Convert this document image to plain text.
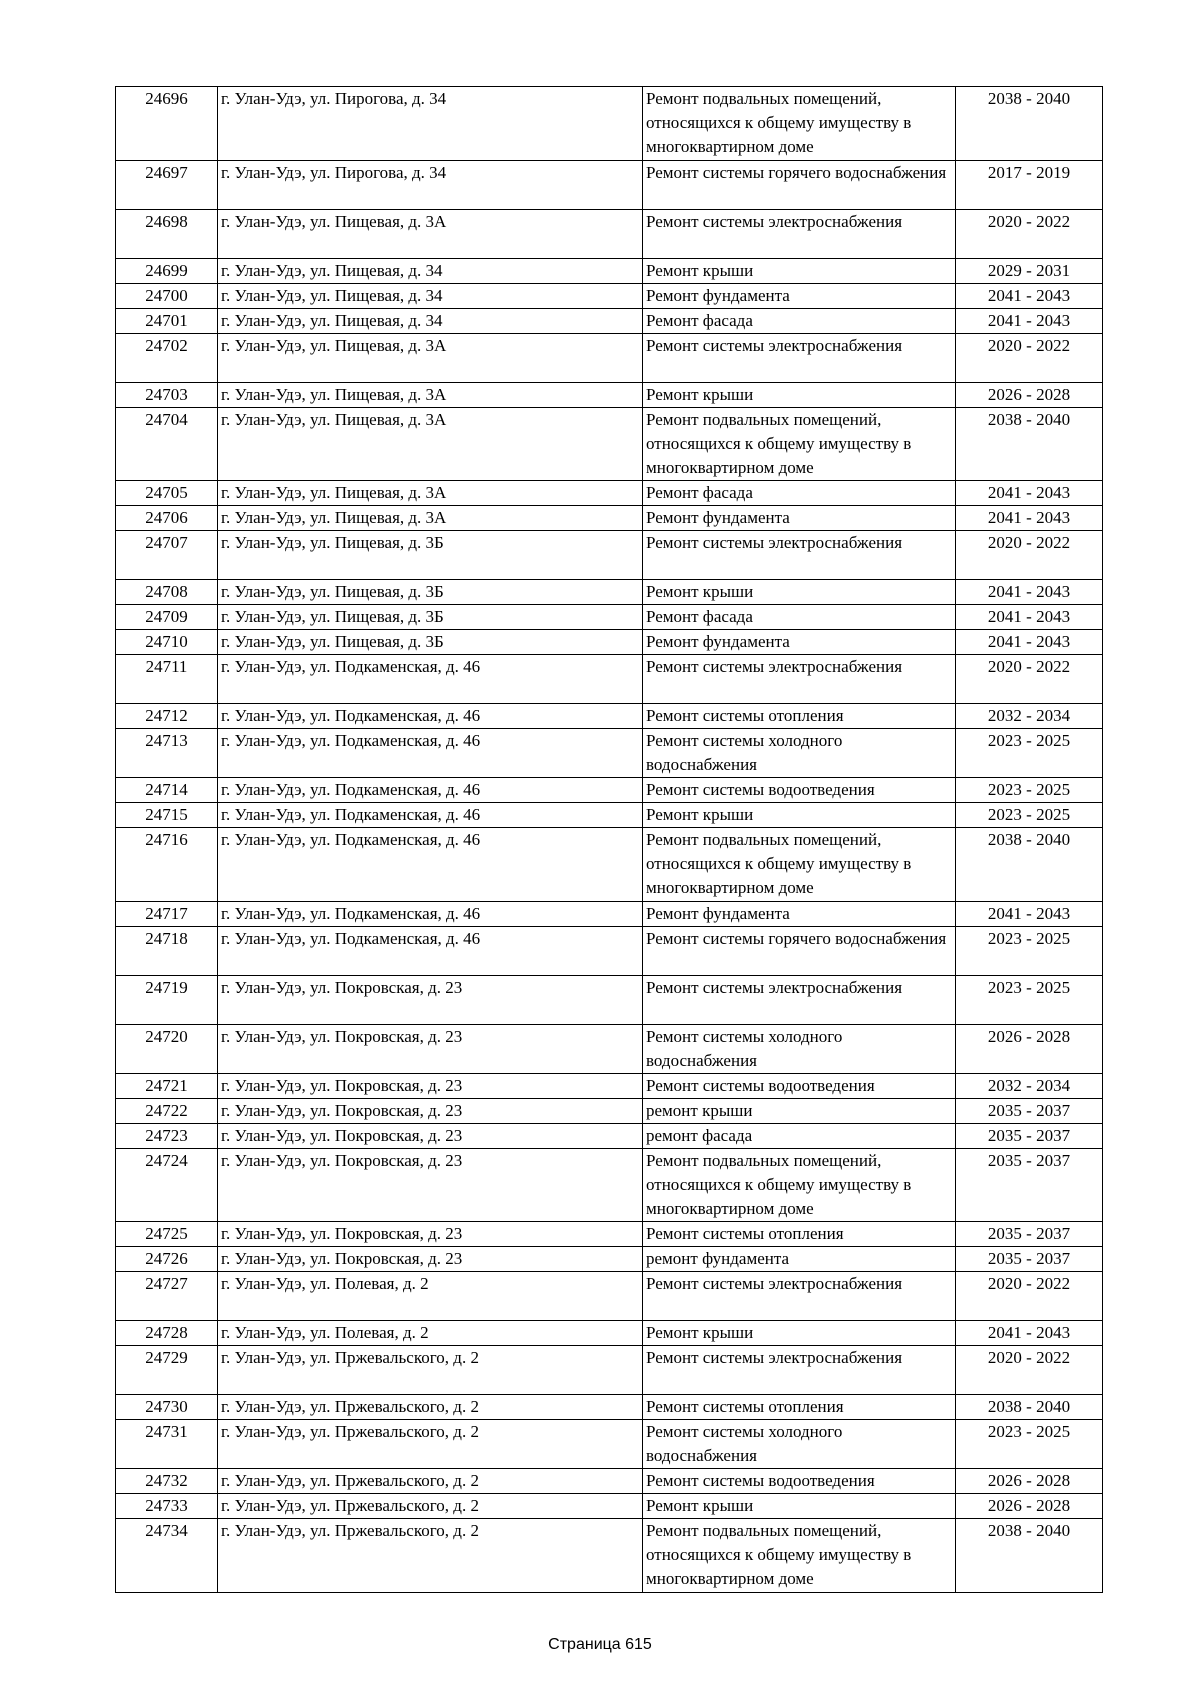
24696	г. Улан-Удэ, ул. Пирогова, д. 34	Ремонт подвальных помещений, относящихся к общему имуществу в многоквартирном доме	2038 - 2040
24697	г. Улан-Удэ, ул. Пирогова, д. 34	Ремонт системы горячего водоснабжения	2017 - 2019
24698	г. Улан-Удэ, ул. Пищевая, д. 3А	Ремонт системы электроснабжения	2020 - 2022
24699	г. Улан-Удэ, ул. Пищевая, д. 34	Ремонт крыши	2029 - 2031
24700	г. Улан-Удэ, ул. Пищевая, д. 34	Ремонт фундамента	2041 - 2043
24701	г. Улан-Удэ, ул. Пищевая, д. 34	Ремонт фасада	2041 - 2043
24702	г. Улан-Удэ, ул. Пищевая, д. 3А	Ремонт системы электроснабжения	2020 - 2022
24703	г. Улан-Удэ, ул. Пищевая, д. 3А	Ремонт крыши	2026 - 2028
24704	г. Улан-Удэ, ул. Пищевая, д. 3А	Ремонт подвальных помещений, относящихся к общему имуществу в многоквартирном доме	2038 - 2040
24705	г. Улан-Удэ, ул. Пищевая, д. 3А	Ремонт фасада	2041 - 2043
24706	г. Улан-Удэ, ул. Пищевая, д. 3А	Ремонт фундамента	2041 - 2043
24707	г. Улан-Удэ, ул. Пищевая, д. 3Б	Ремонт системы электроснабжения	2020 - 2022
24708	г. Улан-Удэ, ул. Пищевая, д. 3Б	Ремонт крыши	2041 - 2043
24709	г. Улан-Удэ, ул. Пищевая, д. 3Б	Ремонт фасада	2041 - 2043
24710	г. Улан-Удэ, ул. Пищевая, д. 3Б	Ремонт фундамента	2041 - 2043
24711	г. Улан-Удэ, ул. Подкаменская, д. 46	Ремонт системы электроснабжения	2020 - 2022
24712	г. Улан-Удэ, ул. Подкаменская, д. 46	Ремонт системы отопления	2032 - 2034
24713	г. Улан-Удэ, ул. Подкаменская, д. 46	Ремонт системы холодного водоснабжения	2023 - 2025
24714	г. Улан-Удэ, ул. Подкаменская, д. 46	Ремонт системы водоотведения	2023 - 2025
24715	г. Улан-Удэ, ул. Подкаменская, д. 46	Ремонт крыши	2023 - 2025
24716	г. Улан-Удэ, ул. Подкаменская, д. 46	Ремонт подвальных помещений, относящихся к общему имуществу в многоквартирном доме	2038 - 2040
24717	г. Улан-Удэ, ул. Подкаменская, д. 46	Ремонт фундамента	2041 - 2043
24718	г. Улан-Удэ, ул. Подкаменская, д. 46	Ремонт системы горячего водоснабжения	2023 - 2025
24719	г. Улан-Удэ, ул. Покровская, д. 23	Ремонт системы электроснабжения	2023 - 2025
24720	г. Улан-Удэ, ул. Покровская, д. 23	Ремонт системы холодного водоснабжения	2026 - 2028
24721	г. Улан-Удэ, ул. Покровская, д. 23	Ремонт системы водоотведения	2032 - 2034
24722	г. Улан-Удэ, ул. Покровская, д. 23	ремонт крыши	2035 - 2037
24723	г. Улан-Удэ, ул. Покровская, д. 23	ремонт фасада	2035 - 2037
24724	г. Улан-Удэ, ул. Покровская, д. 23	Ремонт подвальных помещений, относящихся к общему имуществу в многоквартирном доме	2035 - 2037
24725	г. Улан-Удэ, ул. Покровская, д. 23	Ремонт системы отопления	2035 - 2037
24726	г. Улан-Удэ, ул. Покровская, д. 23	ремонт фундамента	2035 - 2037
24727	г. Улан-Удэ, ул. Полевая, д. 2	Ремонт системы электроснабжения	2020 - 2022
24728	г. Улан-Удэ, ул. Полевая, д. 2	Ремонт крыши	2041 - 2043
24729	г. Улан-Удэ, ул. Пржевальского, д. 2	Ремонт системы электроснабжения	2020 - 2022
24730	г. Улан-Удэ, ул. Пржевальского, д. 2	Ремонт системы отопления	2038 - 2040
24731	г. Улан-Удэ, ул. Пржевальского, д. 2	Ремонт системы холодного водоснабжения	2023 - 2025
24732	г. Улан-Удэ, ул. Пржевальского, д. 2	Ремонт системы водоотведения	2026 - 2028
24733	г. Улан-Удэ, ул. Пржевальского, д. 2	Ремонт крыши	2026 - 2028
24734	г. Улан-Удэ, ул. Пржевальского, д. 2	Ремонт подвальных помещений, относящихся к общему имуществу в многоквартирном доме	2038 - 2040
Страница 615
